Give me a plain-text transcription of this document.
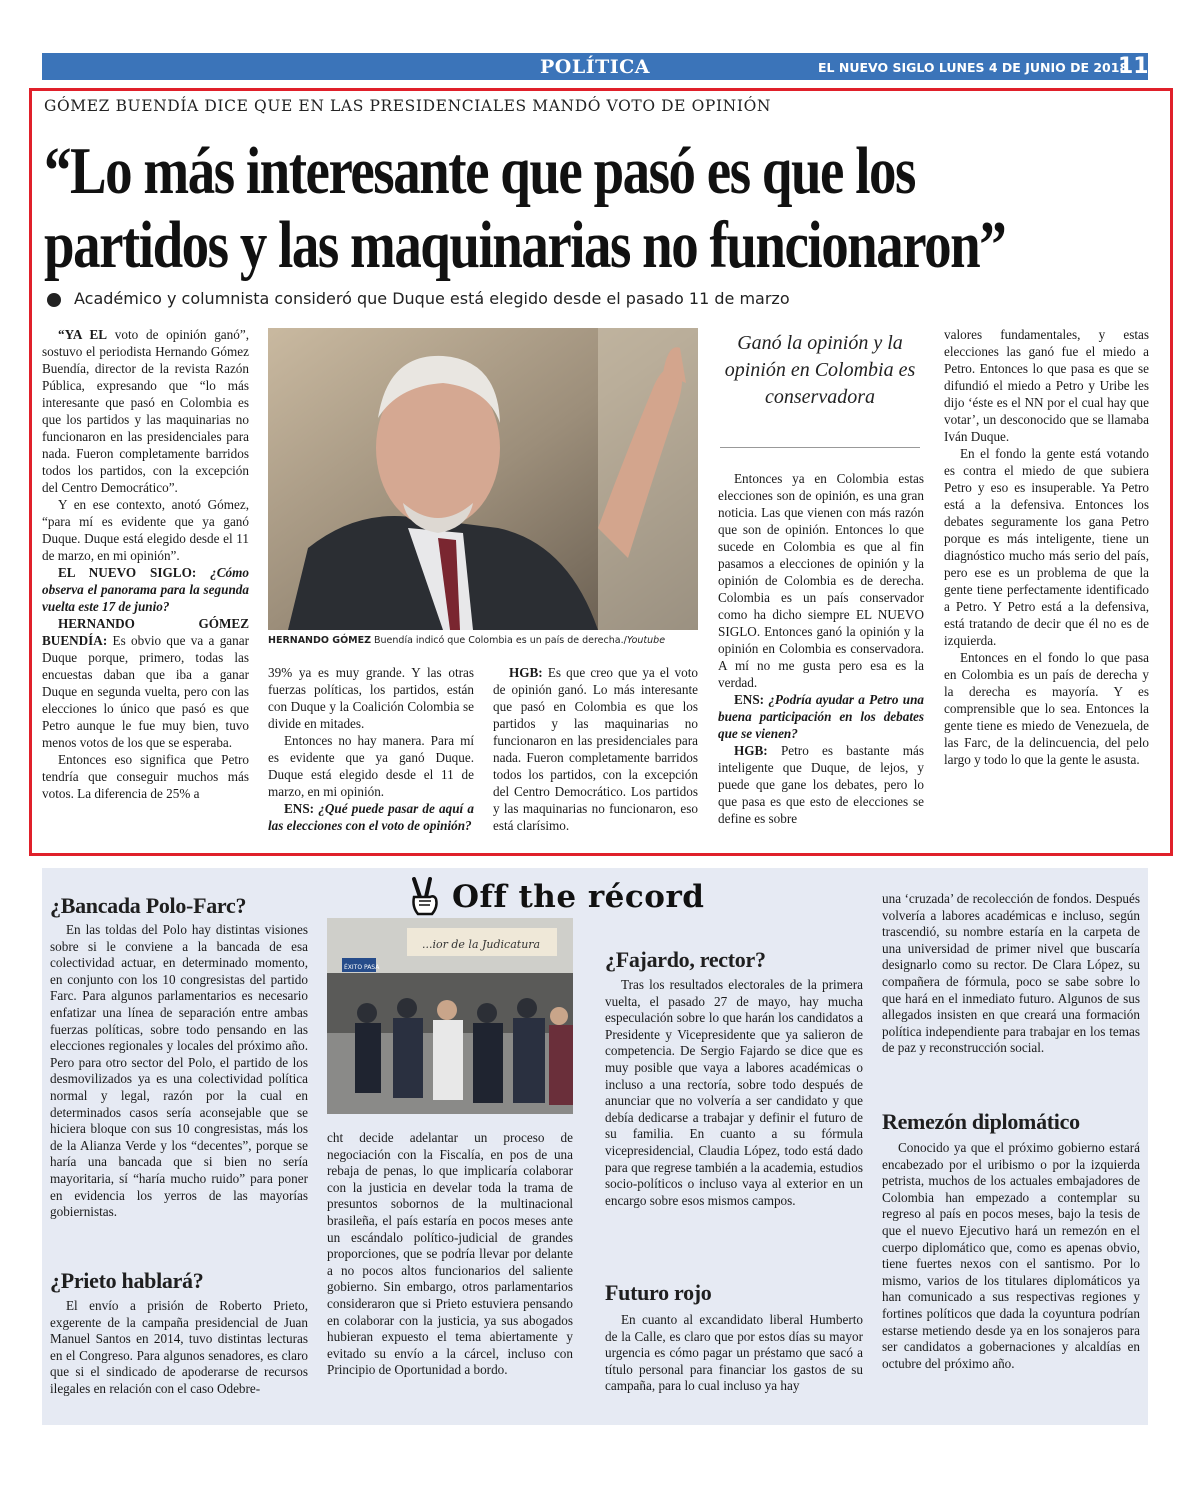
POLÍTICA	EL NUEVO SIGLO LUNES 4 DE JUNIO DE 2018
11A
GÓMEZ BUENDÍA DICE QUE EN LAS PRESIDENCIALES MANDÓ VOTO DE OPINIÓN
“Lo más interesante que pasó es que los
partidos y las maquinarias no funcionaron”
Académico y columnista consideró que Duque está elegido desde el pasado 11 de marzo

“YA EL voto de opinión ganó”, sostuvo el periodista Hernando Gómez Buendía, director de la revista Razón Pública, expresando que “lo más interesante que pasó en Colombia es que los partidos y las maquinarias no funcionaron en las presidenciales para nada. Fueron completamente barridos todos los partidos, con la excepción del Centro Democrático”.

Y en ese contexto, anotó Gómez, “para mí es evidente que ya ganó Duque. Duque está elegido desde el 11 de marzo, en mi opinión”.

EL NUEVO SIGLO: ¿Cómo observa el panorama para la segunda vuelta este 17 de junio?

HERNANDO GÓMEZ BUENDÍA: Es obvio que va a ganar Duque porque, primero, todas las encuestas daban que iba a ganar Duque en segunda vuelta, pero con las elecciones lo único que pasó es que Petro aunque le fue muy bien, tuvo menos votos de los que se esperaba.

Entonces eso significa que Petro tendría que conseguir muchos más votos. La diferencia de 25% a

HERNANDO GÓMEZ Buendía indicó que Colombia es un país de derecha./Youtube
Ganó la opinión y la opinión en Colombia es conservadora

39% ya es muy grande. Y las otras fuerzas políticas, los partidos, están con Duque y la Coalición Colombia se divide en mitades.

Entonces no hay manera. Para mí es evidente que ya ganó Duque. Duque está elegido desde el 11 de marzo, en mi opinión.

ENS: ¿Qué puede pasar de aquí a las elecciones con el voto de opinión?

HGB: Es que creo que ya el voto de opinión ganó. Lo más interesante que pasó en Colombia es que los partidos y las maquinarias no funcionaron en las presidenciales para nada. Fueron completamente barridos todos los partidos, con la excepción del Centro Democrático. Los partidos y las maquinarias no funcionaron, eso está clarísimo.

Entonces ya en Colombia estas elecciones son de opinión, es una gran noticia. Las que vienen con más razón que son de opinión. Entonces lo que sucede en Colombia es que al fin pasamos a elecciones de opinión y la opinión de Colombia es de derecha. Colombia es un país conservador como ha dicho siempre EL NUEVO SIGLO. Entonces ganó la opinión y la opinión en Colombia es conservadora. A mí no me gusta pero esa es la verdad.

ENS: ¿Podría ayudar a Petro una buena participación en los debates que se vienen?

HGB: Petro es bastante más inteligente que Duque, de lejos, y puede que gane los debates, pero lo que pasa es que esto de elecciones se define es sobre

valores fundamentales, y estas elecciones las ganó fue el miedo a Petro. Entonces lo que pasa es que se difundió el miedo a Petro y Uribe les dijo ‘éste es el NN por el cual hay que votar’, un desconocido que se llamaba Iván Duque.

En el fondo la gente está votando es contra el miedo de que subiera Petro y eso es insuperable. Ya Petro está a la defensiva. Entonces los debates seguramente los gana Petro porque es más inteligente, tiene un diagnóstico mucho más serio del país, pero ese es un problema de que la gente tiene perfectamente identificado a Petro. Y Petro está a la defensiva, está tratando de decir que él no es de izquierda.

Entonces en el fondo lo que pasa en Colombia es un país de derecha y la derecha es mayoría. Y es comprensible que lo sea. Entonces la gente tiene es miedo de Venezuela, de las Farc, de la delincuencia, del pelo largo y todo lo que la gente le asusta.

Off the récord
¿Bancada Polo-Farc?

En las toldas del Polo hay distintas visiones sobre si le conviene a la bancada de esa colectividad actuar, en determinado momento, en conjunto con los 10 congresistas del partido Farc. Para algunos parlamentarios es necesario enfatizar una línea de separación entre ambas fuerzas políticas, sobre todo pensando en las elecciones regionales y locales del próximo año. Pero para otro sector del Polo, el partido de los desmovilizados ya es una colectividad política normal y legal, razón por la cual en determinados casos sería aconsejable que se hiciera bloque con sus 10 congresistas, más los de la Alianza Verde y los “decentes”, porque se haría una bancada que si bien no sería mayoritaria, sí “haría mucho ruido” para poner en evidencia los yerros de las mayorías gobiernistas.

¿Prieto hablará?

El envío a prisión de Roberto Prieto, exgerente de la campaña presidencial de Juan Manuel Santos en 2014, tuvo distintas lecturas en el Congreso. Para algunos senadores, es claro que si el sindicado de apoderarse de recursos ilegales en relación con el caso Odebre-

...ior de la Judicatura
ÉXITO PASA

cht decide adelantar un proceso de negociación con la Fiscalía, en pos de una rebaja de penas, lo que implicaría colaborar con la justicia en develar toda la trama de presuntos sobornos de la multinacional brasileña, el país estaría en pocos meses ante un escándalo político-judicial de grandes proporciones, que se podría llevar por delante a no pocos altos funcionarios del saliente gobierno. Sin embargo, otros parlamentarios consideraron que si Prieto estuviera pensando en colaborar con la justicia, ya sus abogados hubieran expuesto el tema abiertamente y evitado su envío a la cárcel, incluso con Principio de Oportunidad a bordo.

¿Fajardo, rector?

Tras los resultados electorales de la primera vuelta, el pasado 27 de mayo, hay mucha especulación sobre lo que harán los candidatos a Presidente y Vicepresidente que ya salieron de competencia. De Sergio Fajardo se dice que es muy posible que vaya a labores académicas o incluso a una rectoría, sobre todo después de anunciar que no volvería a ser candidato y que debía dedicarse a trabajar y definir el futuro de su familia. En cuanto a su fórmula vicepresidencial, Claudia López, todo está dado para que regrese también a la academia, estudios socio-políticos o incluso vaya al exterior en un encargo sobre esos mismos campos.

Futuro rojo

En cuanto al excandidato liberal Humberto de la Calle, es claro que por estos días su mayor urgencia es cómo pagar un préstamo que sacó a título personal para financiar los gastos de su campaña, para lo cual incluso ya hay

una ‘cruzada’ de recolección de fondos. Después volvería a labores académicas e incluso, según trascendió, su nombre estaría en la carpeta de una universidad de primer nivel que buscaría designarlo como su rector. De Clara López, su compañera de fórmula, poco se sabe sobre lo que hará en el inmediato futuro. Algunos de sus allegados insisten en que creará una formación política independiente para trabajar en los temas de paz y reconstrucción social.

Remezón diplomático

Conocido ya que el próximo gobierno estará encabezado por el uribismo o por la izquierda petrista, muchos de los actuales embajadores de Colombia han empezado a contemplar su regreso al país en pocos meses, bajo la tesis de que el nuevo Ejecutivo hará un remezón en el cuerpo diplomático que, como es apenas obvio, tiene fuertes nexos con el santismo. Por lo mismo, varios de los titulares diplomáticos ya han comunicado a sus respectivas regiones y fortines políticos que dada la coyuntura podrían estarse metiendo desde ya en los sonajeros para ser candidatos a gobernaciones y alcaldías en octubre del próximo año.
